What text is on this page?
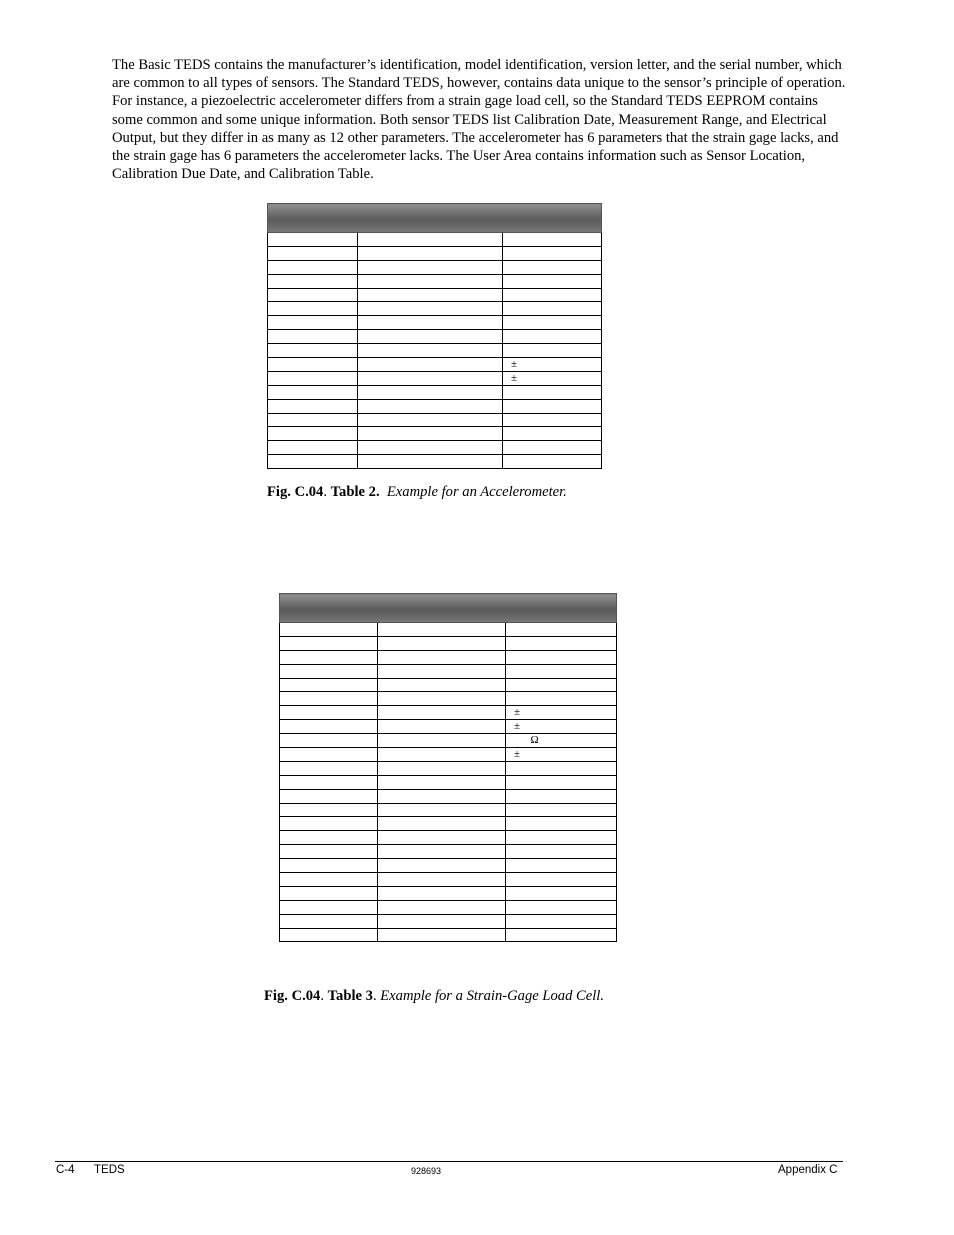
The Basic TEDS contains the manufacturer’s identification, model identification, version letter, and the serial number, which are common to all types of sensors. The Standard TEDS, however, contains data unique to the sensor’s principle of operation. For instance, a piezoelectric accelerometer differs from a strain gage load cell, so the Standard TEDS EEPROM contains some common and some unique information. Both sensor TEDS list Calibration Date, Measurement Range, and Electrical Output, but they differ in as many as 12 other parameters. The accelerometer has 6 parameters that the strain gage lacks, and the strain gage has 6 parameters the accelerometer lacks. The User Area contains information such as Sensor Location, Calibration Due Date, and Calibration Table.

		±
		±

Fig. C.04. Table 2. Example for an Accelerometer.

		±
		±
		  Ω
		±

Fig. C.04. Table 3. Example for a Strain-Gage Load Cell.
C-4 TEDS	928693	Appendix C
